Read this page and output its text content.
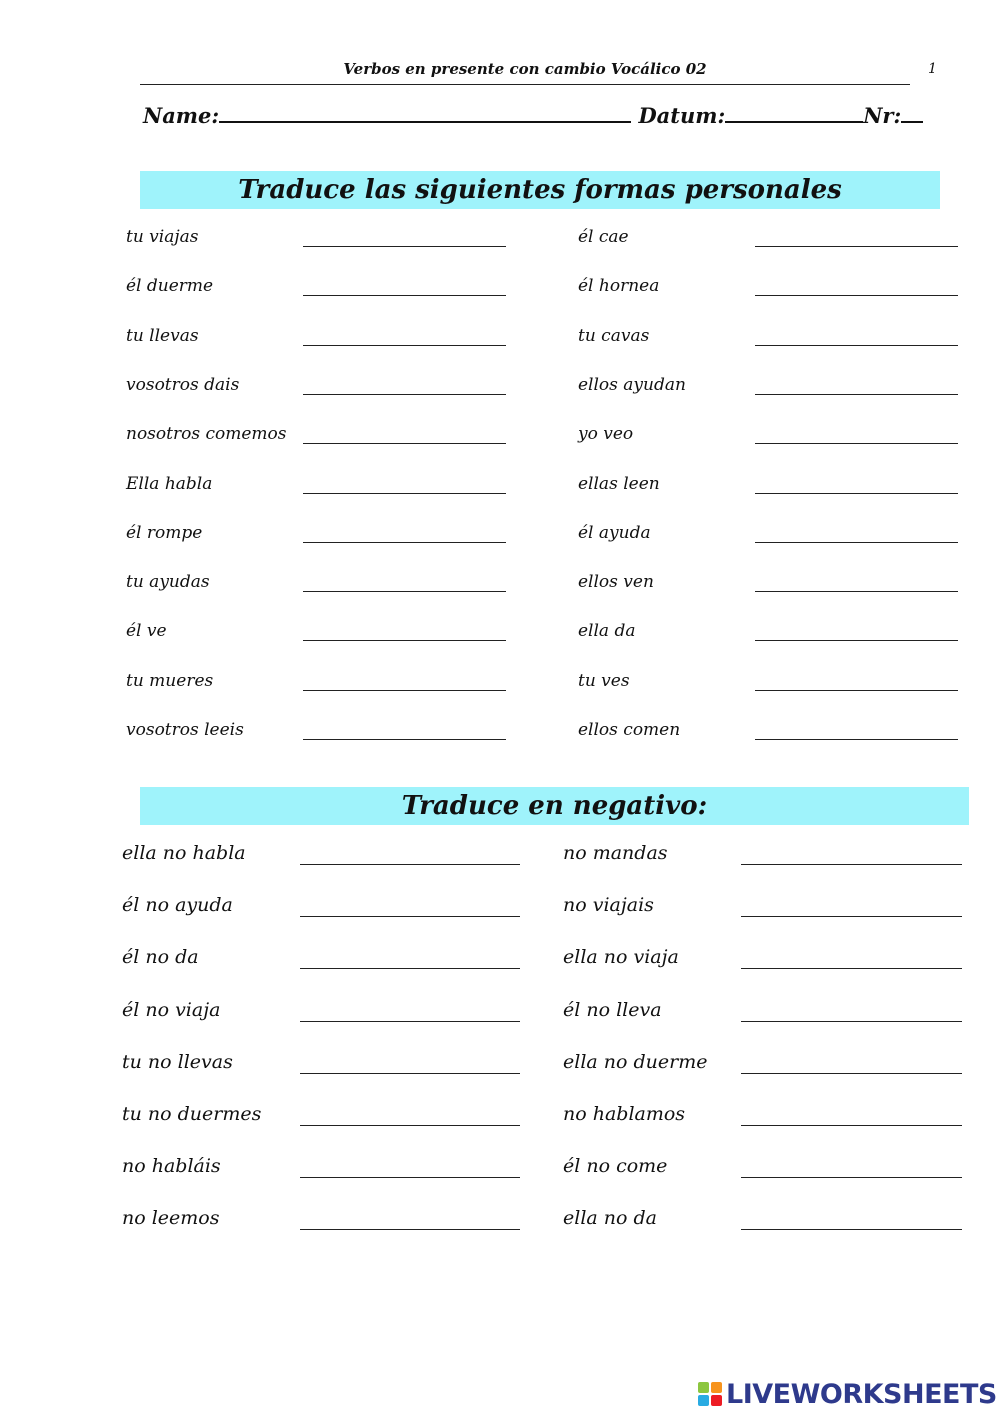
Verbos en presente con cambio Vocálico 02	1
Name:	Datum:	Nr:
Traduce las siguientes formas personales
tu viajas	él cae
él duerme	él hornea
tu llevas	tu cavas
vosotros dais	ellos ayudan
nosotros comemos	yo veo
Ella habla	ellas leen
él rompe	él ayuda
tu ayudas	ellos ven
él ve	ella da
tu mueres	tu ves
vosotros leeis	ellos comen
Traduce en negativo:
ella no habla	no mandas
él no ayuda	no viajais
él no da	ella no viaja
él no viaja	él no lleva
tu no llevas	ella no duerme
tu no duermes	no hablamos
no habláis	él no come
no leemos	ella no da
LIVEWORKSHEETS
